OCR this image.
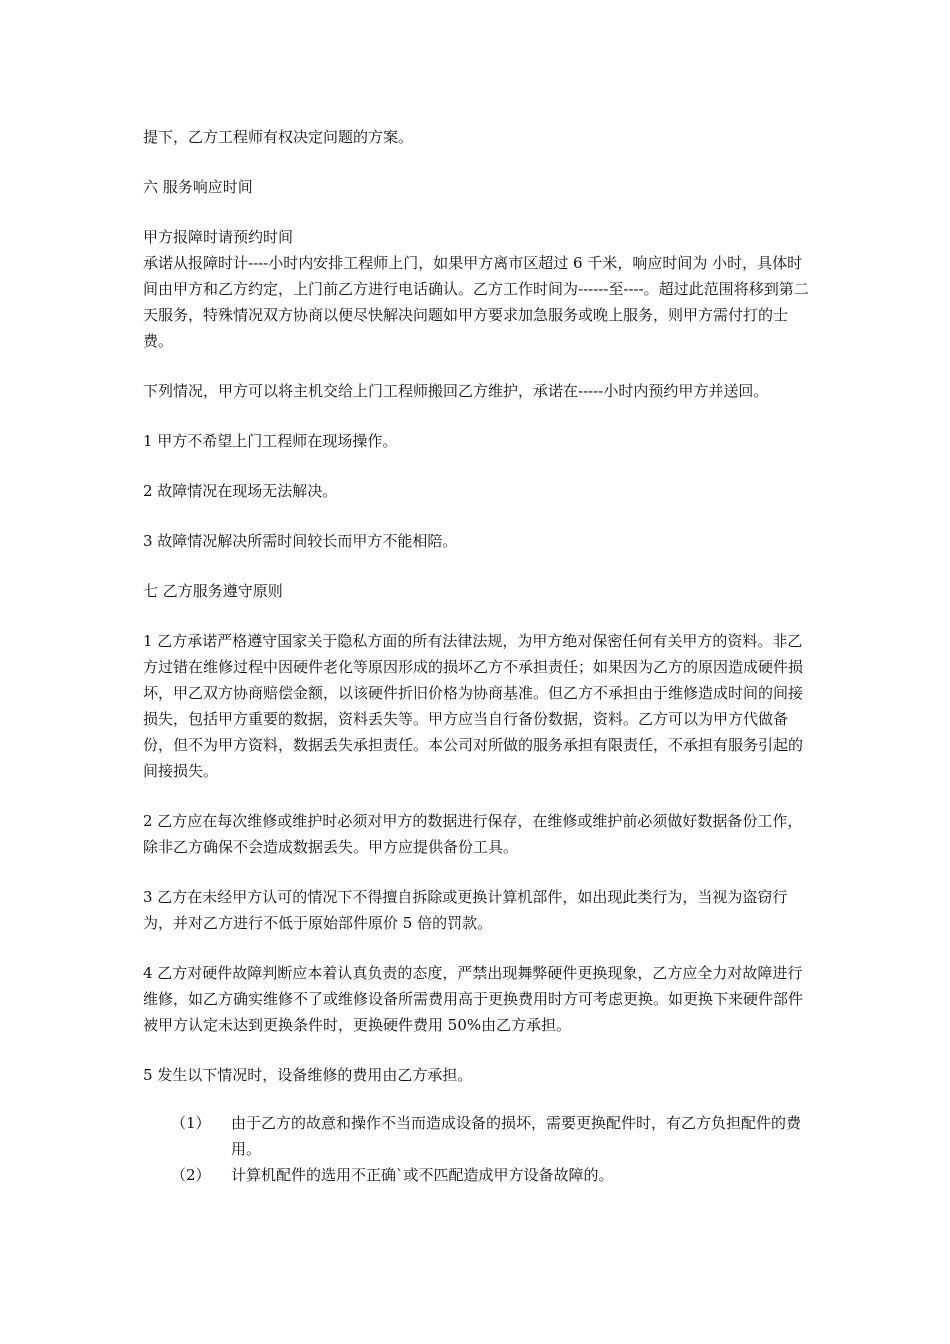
提下，乙方工程师有权决定问题的方案。

六 服务响应时间

甲方报障时请预约时间

承诺从报障时计----小时内安排工程师上门，如果甲方离市区超过 6 千米，响应时间为 小时，具体时间由甲方和乙方约定，上门前乙方进行电话确认。乙方工作时间为------至----。超过此范围将移到第二天服务，特殊情况双方协商以便尽快解决问题如甲方要求加急服务或晚上服务，则甲方需付打的士费。

下列情况，甲方可以将主机交给上门工程师搬回乙方维护，承诺在-----小时内预约甲方并送回。

1 甲方不希望上门工程师在现场操作。

2 故障情况在现场无法解决。

3 故障情况解决所需时间较长而甲方不能相陪。

七 乙方服务遵守原则

1 乙方承诺严格遵守国家关于隐私方面的所有法律法规，为甲方绝对保密任何有关甲方的资料。非乙方过错在维修过程中因硬件老化等原因形成的损坏乙方不承担责任；如果因为乙方的原因造成硬件损坏，甲乙双方协商赔偿金额，以该硬件折旧价格为协商基准。但乙方不承担由于维修造成时间的间接损失，包括甲方重要的数据，资料丢失等。甲方应当自行备份数据，资料。乙方可以为甲方代做备份，但不为甲方资料，数据丢失承担责任。本公司对所做的服务承担有限责任，不承担有服务引起的间接损失。

2 乙方应在每次维修或维护时必须对甲方的数据进行保存，在维修或维护前必须做好数据备份工作，除非乙方确保不会造成数据丢失。甲方应提供备份工具。

3 乙方在未经甲方认可的情况下不得擅自拆除或更换计算机部件，如出现此类行为，当视为盗窃行为，并对乙方进行不低于原始部件原价 5 倍的罚款。

4 乙方对硬件故障判断应本着认真负责的态度，严禁出现舞弊硬件更换现象，乙方应全力对故障进行维修，如乙方确实维修不了或维修设备所需费用高于更换费用时方可考虑更换。如更换下来硬件部件被甲方认定未达到更换条件时，更换硬件费用 50%由乙方承担。

5 发生以下情况时，设备维修的费用由乙方承担。

（1）	由于乙方的故意和操作不当而造成设备的损坏，需要更换配件时，有乙方负担配件的费用。
（2）	计算机配件的选用不正确`或不匹配造成甲方设备故障的。
